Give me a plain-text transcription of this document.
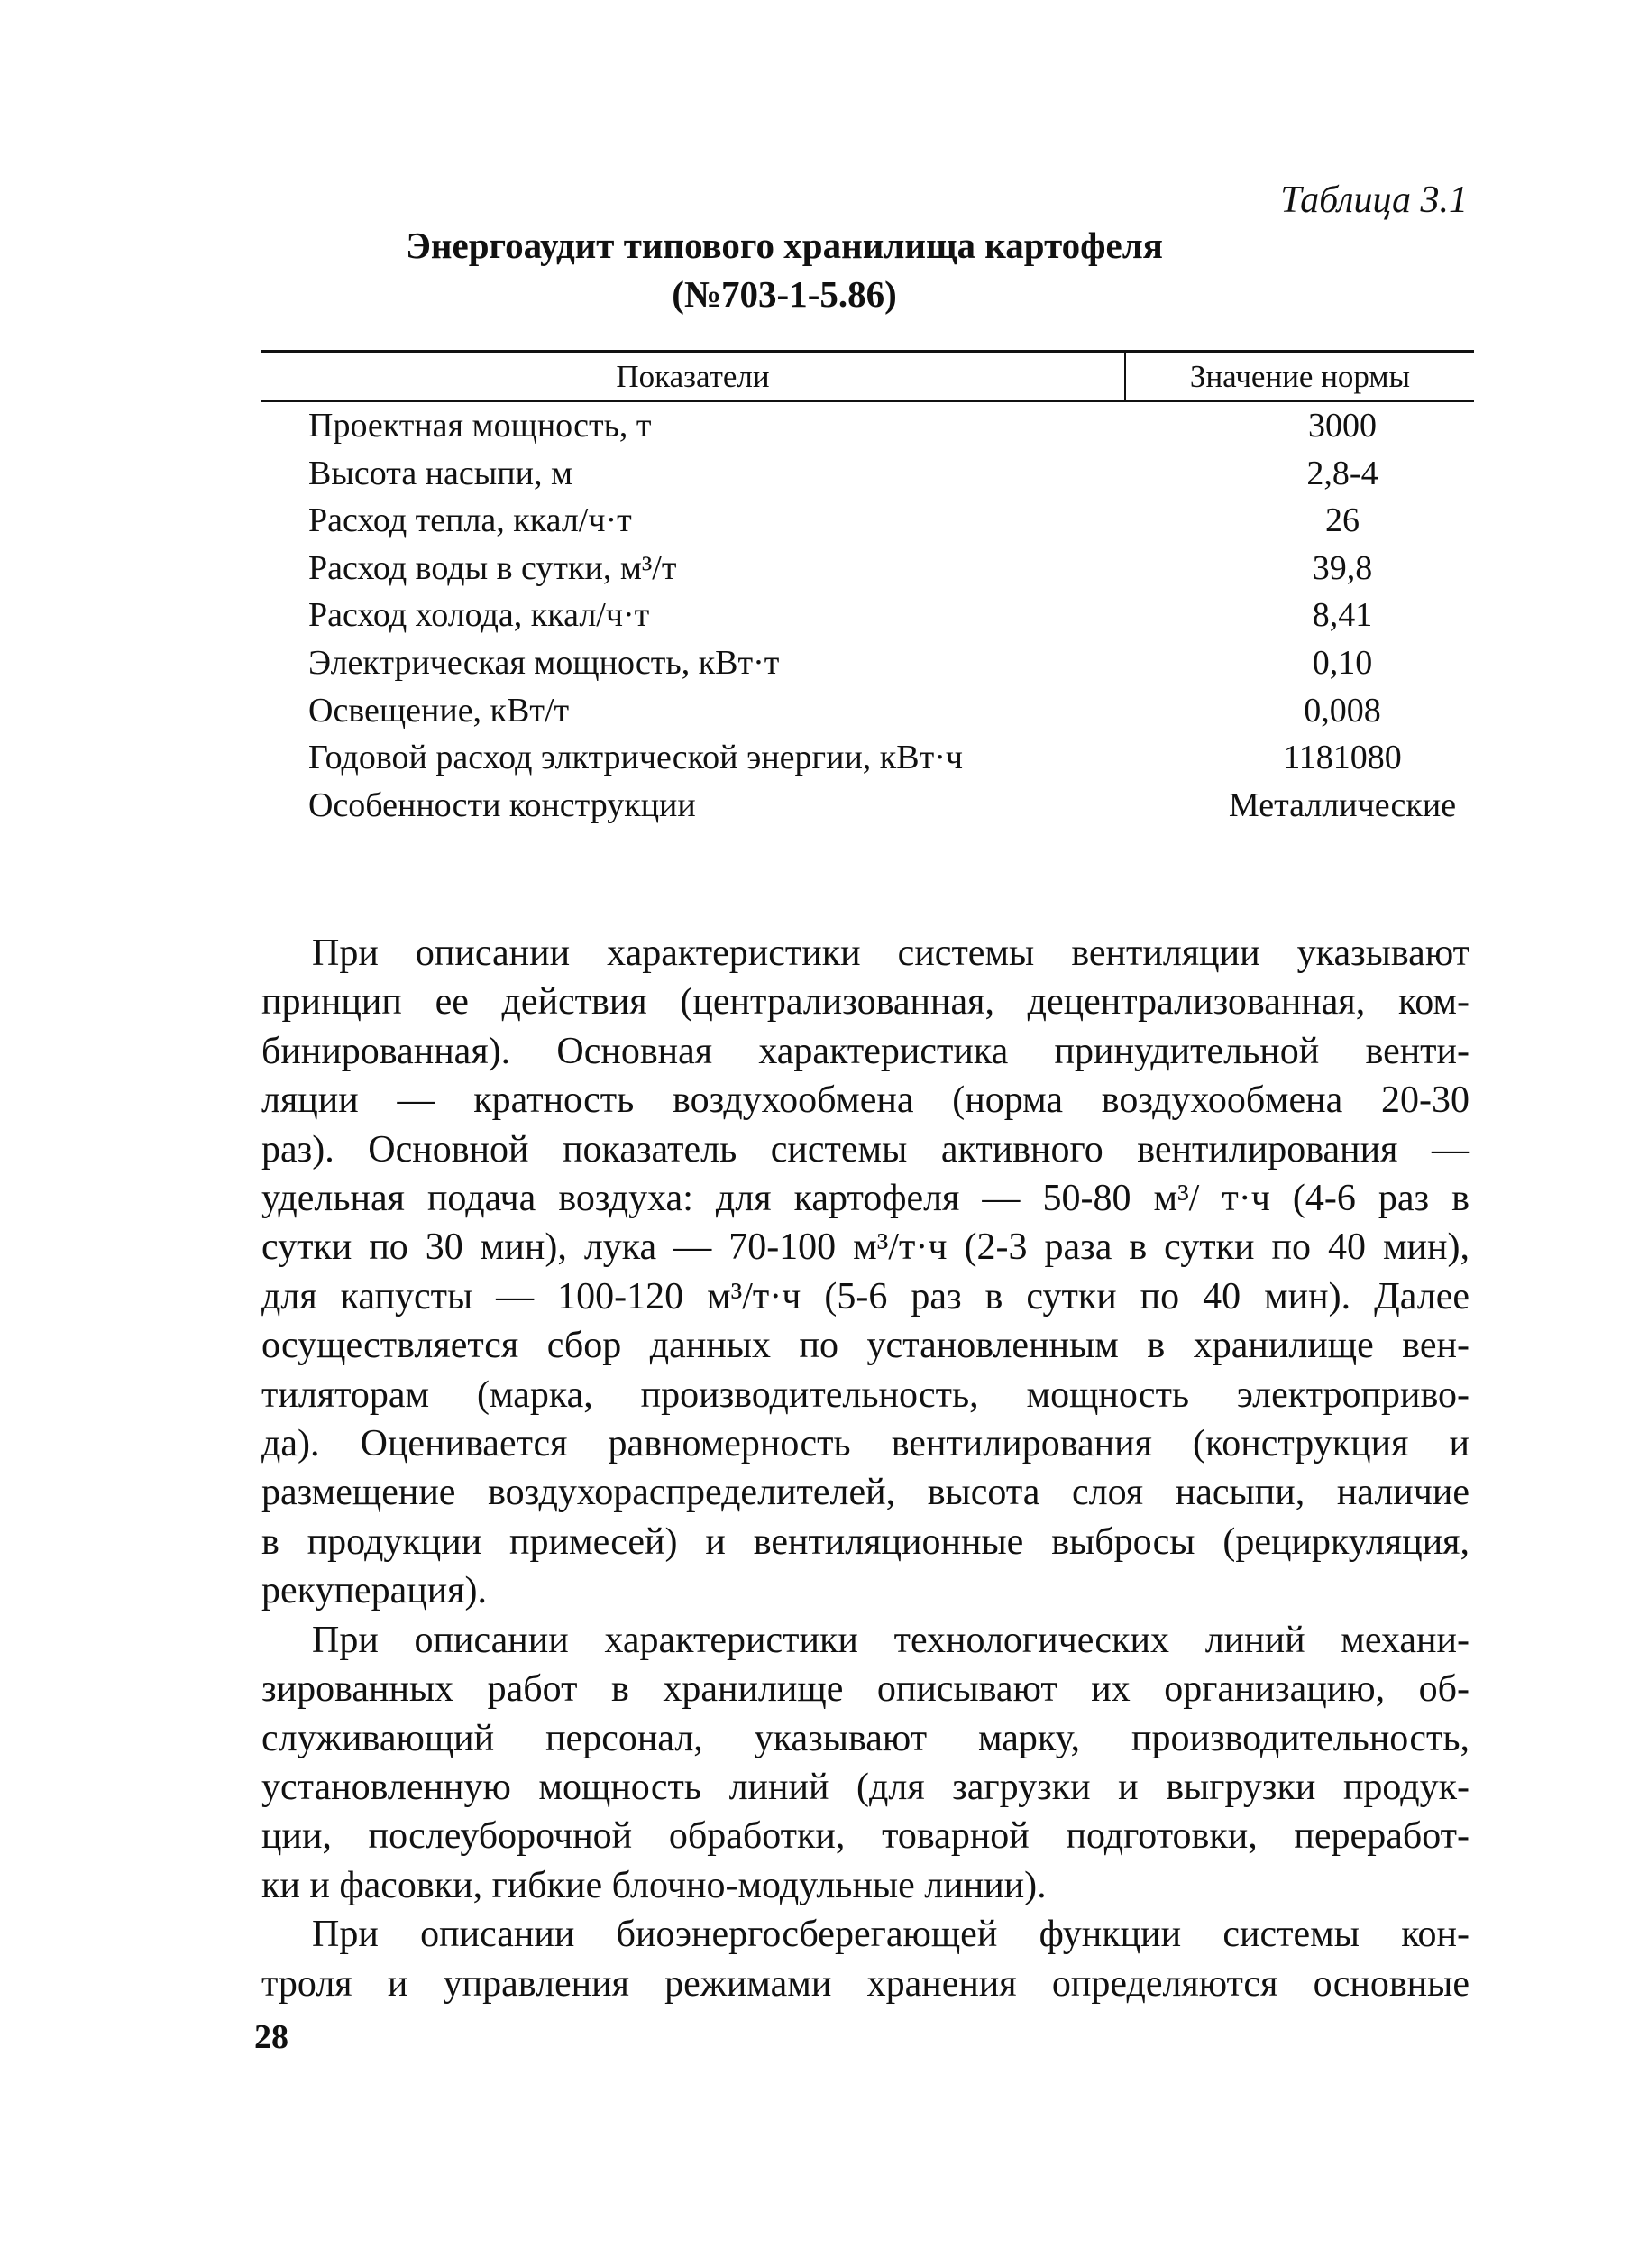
Таблица 3.1
Энергоаудит типового хранилища картофеля
(№703-1-5.86)
Показатели	Значение нормы
Проектная мощность, т	3000
Высота насыпи, м	2,8-4
Расход тепла, ккал/ч·т	26
Расход воды в сутки, м³/т	39,8
Расход холода, ккал/ч·т	8,41
Электрическая мощность, кВт·т	0,10
Освещение, кВт/т	0,008
Годовой расход элктрической энергии, кВт·ч	1181080
Особенности конструкции	Металлические
При описании характеристики системы вентиляции указывают
принцип ее действия (централизованная, децентрализованная, ком-
бинированная). Основная характеристика принудительной венти-
ляции — кратность воздухообмена (норма воздухообмена 20-30
раз). Основной показатель системы активного вентилирования —
удельная подача воздуха: для картофеля — 50-80 м³/ т·ч (4-6 раз в
сутки по 30 мин), лука — 70-100 м³/т·ч (2-3 раза в сутки по 40 мин),
для капусты — 100-120 м³/т·ч (5-6 раз в сутки по 40 мин). Далее
осуществляется сбор данных по установленным в хранилище вен-
тиляторам (марка, производительность, мощность электроприво-
да). Оценивается равномерность вентилирования (конструкция и
размещение воздухораспределителей, высота слоя насыпи, наличие
в продукции примесей) и вентиляционные выбросы (рециркуляция,
рекуперация).
При описании характеристики технологических линий механи-
зированных работ в хранилище описывают их организацию, об-
служивающий персонал, указывают марку, производительность,
установленную мощность линий (для загрузки и выгрузки продук-
ции, послеуборочной обработки, товарной подготовки, переработ-
ки и фасовки, гибкие блочно-модульные линии).
При описании биоэнергосберегающей функции системы кон-
троля и управления режимами хранения определяются основные
28
